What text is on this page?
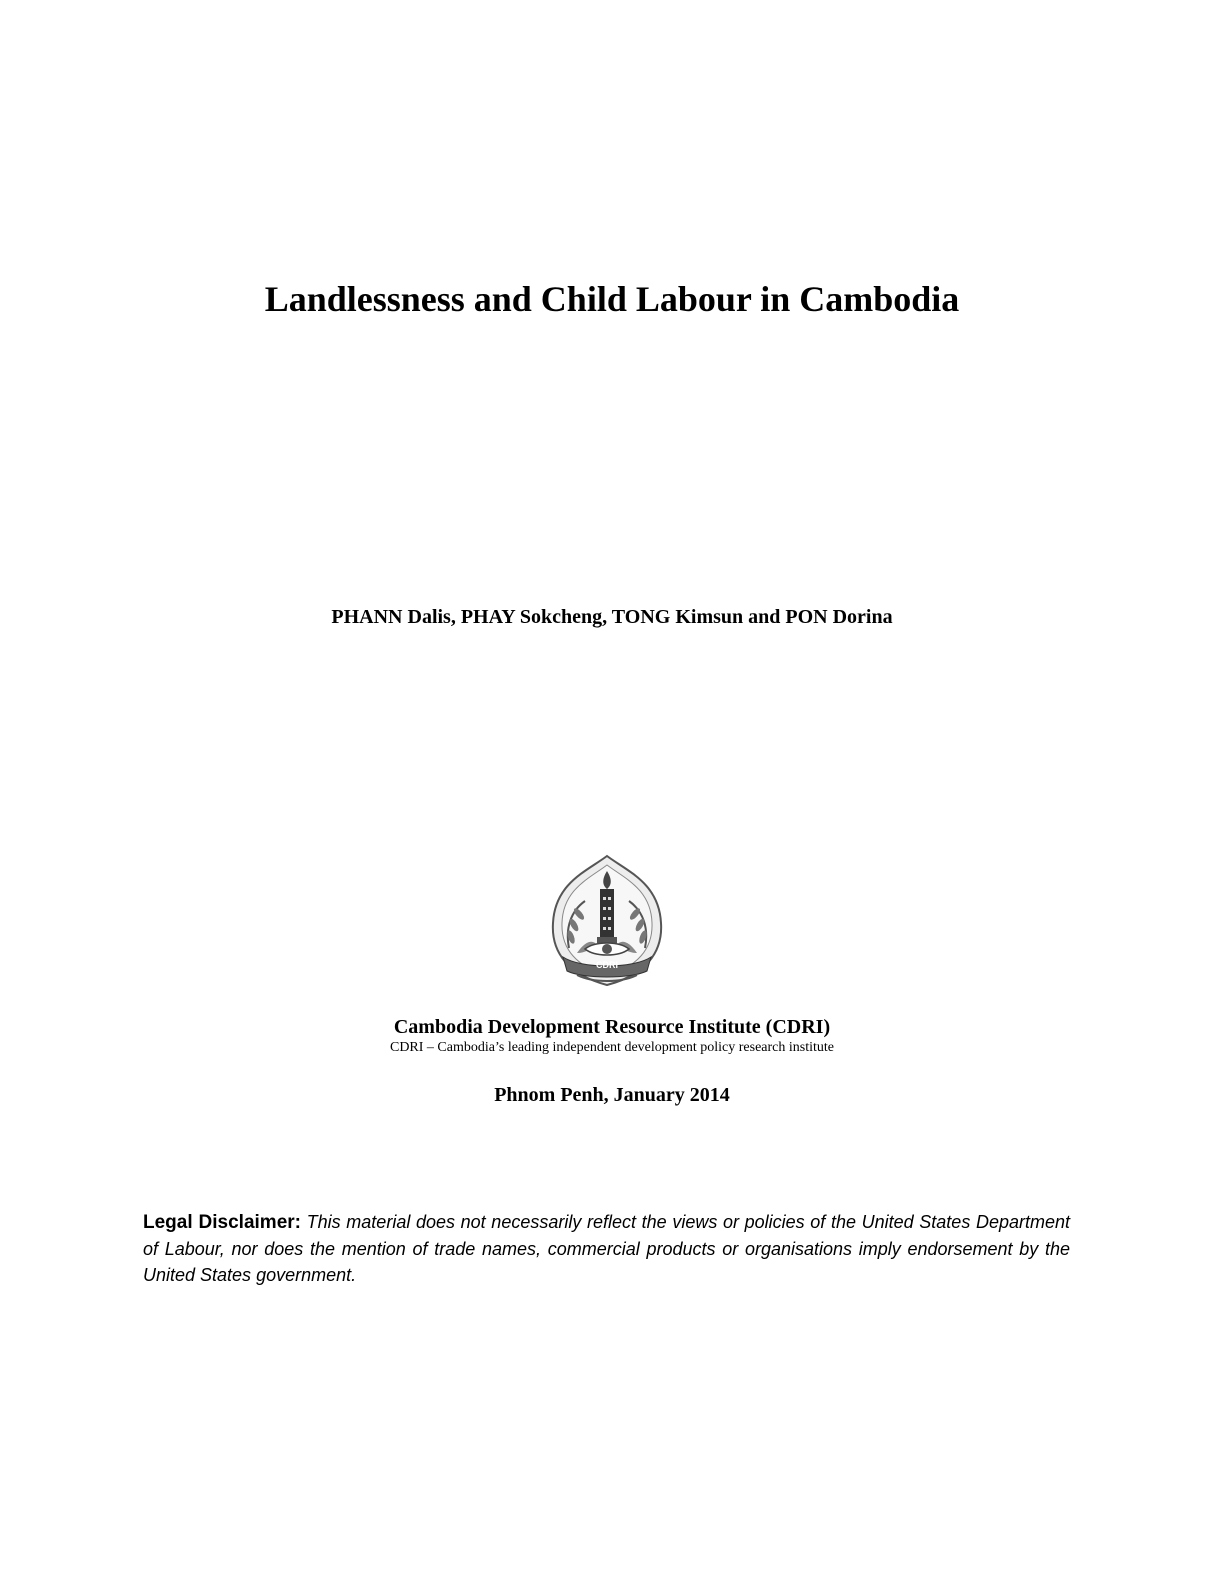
Landlessness and Child Labour in Cambodia
PHANN Dalis, PHAY Sokcheng, TONG Kimsun and PON Dorina
CDRI
Cambodia Development Resource Institute (CDRI)
CDRI – Cambodia’s leading independent development policy research institute
Phnom Penh, January 2014
Legal Disclaimer: This material does not necessarily reflect the views or policies of the United States Department of Labour, nor does the mention of trade names, commercial products or organisations imply endorsement by the United States government.
